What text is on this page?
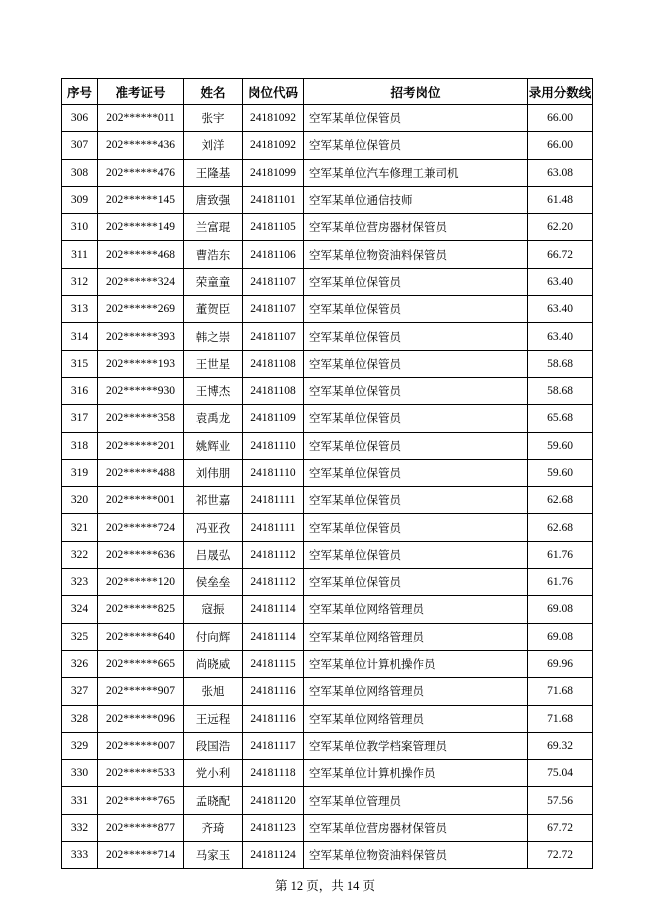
序号	准考证号	姓名	岗位代码	招考岗位	录用分数线
306	202******011	张宇	24181092	空军某单位保管员	66.00
307	202******436	刘洋	24181092	空军某单位保管员	66.00
308	202******476	王隆基	24181099	空军某单位汽车修理工兼司机	63.08
309	202******145	唐致强	24181101	空军某单位通信技师	61.48
310	202******149	兰富琨	24181105	空军某单位营房器材保管员	62.20
311	202******468	曹浩东	24181106	空军某单位物资油料保管员	66.72
312	202******324	荣童童	24181107	空军某单位保管员	63.40
313	202******269	董贺臣	24181107	空军某单位保管员	63.40
314	202******393	韩之崇	24181107	空军某单位保管员	63.40
315	202******193	王世星	24181108	空军某单位保管员	58.68
316	202******930	王博杰	24181108	空军某单位保管员	58.68
317	202******358	袁禹龙	24181109	空军某单位保管员	65.68
318	202******201	姚辉业	24181110	空军某单位保管员	59.60
319	202******488	刘伟朋	24181110	空军某单位保管员	59.60
320	202******001	祁世嘉	24181111	空军某单位保管员	62.68
321	202******724	冯亚孜	24181111	空军某单位保管员	62.68
322	202******636	吕晟弘	24181112	空军某单位保管员	61.76
323	202******120	侯垒垒	24181112	空军某单位保管员	61.76
324	202******825	寇振	24181114	空军某单位网络管理员	69.08
325	202******640	付向辉	24181114	空军某单位网络管理员	69.08
326	202******665	尚晓威	24181115	空军某单位计算机操作员	69.96
327	202******907	张旭	24181116	空军某单位网络管理员	71.68
328	202******096	王远程	24181116	空军某单位网络管理员	71.68
329	202******007	段国浩	24181117	空军某单位教学档案管理员	69.32
330	202******533	党小利	24181118	空军某单位计算机操作员	75.04
331	202******765	孟晓配	24181120	空军某单位管理员	57.56
332	202******877	齐琦	24181123	空军某单位营房器材保管员	67.72
333	202******714	马家玉	24181124	空军某单位物资油料保管员	72.72
第 12 页，共 14 页
